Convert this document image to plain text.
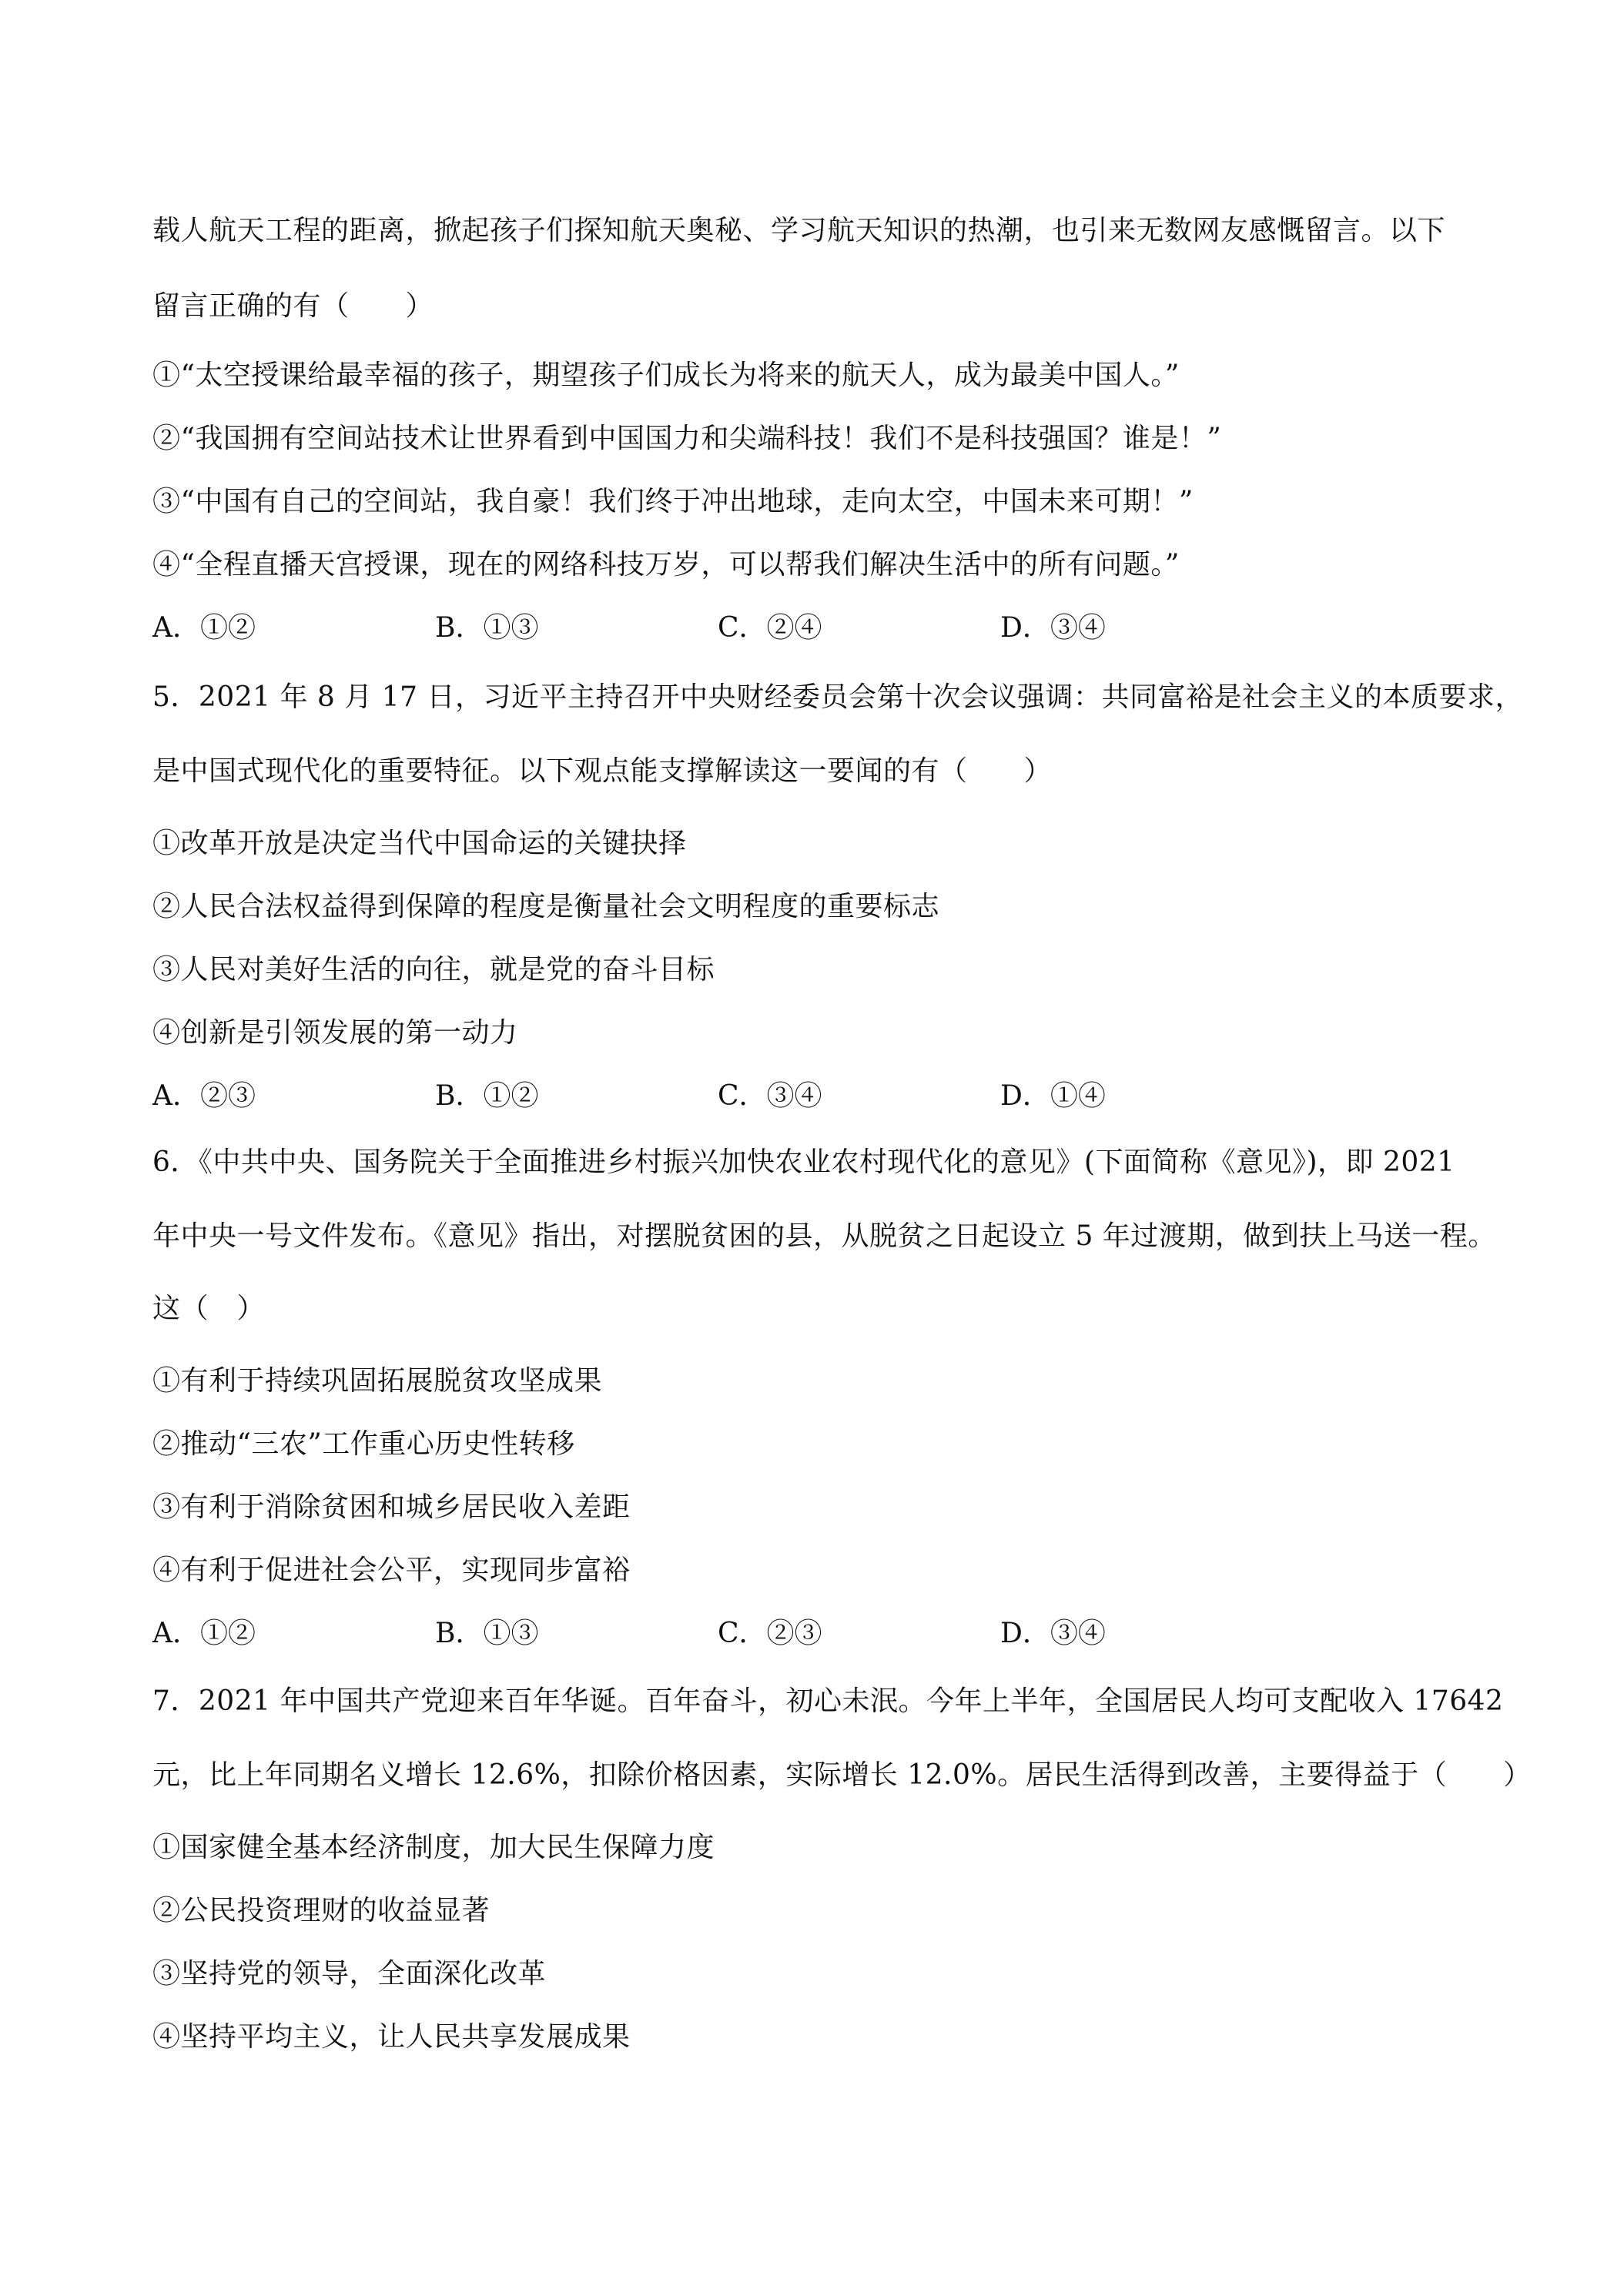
载人航天工程的距离，掀起孩子们探知航天奥秘、学习航天知识的热潮，也引来无数网友感慨留言。以下
留言正确的有（　　）
①“太空授课给最幸福的孩子，期望孩子们成长为将来的航天人，成为最美中国人。”
②“我国拥有空间站技术让世界看到中国国力和尖端科技！我们不是科技强国？谁是！”
③“中国有自己的空间站，我自豪！我们终于冲出地球，走向太空，中国未来可期！”
④“全程直播天宫授课，现在的网络科技万岁，可以帮我们解决生活中的所有问题。”
A．①②	B．①③	C．②④	D．③④
5．2021 年 8 月 17 日，习近平主持召开中央财经委员会第十次会议强调：共同富裕是社会主义的本质要求，
是中国式现代化的重要特征。以下观点能支撑解读这一要闻的有（　　）
①改革开放是决定当代中国命运的关键抉择
②人民合法权益得到保障的程度是衡量社会文明程度的重要标志
③人民对美好生活的向往，就是党的奋斗目标
④创新是引领发展的第一动力
A．②③	B．①②	C．③④	D．①④
6．《中共中央、国务院关于全面推进乡村振兴加快农业农村现代化的意见》(下面简称《意见》)，即 2021
年中央一号文件发布。《意见》指出，对摆脱贫困的县，从脱贫之日起设立 5 年过渡期，做到扶上马送一程。
这（　）
①有利于持续巩固拓展脱贫攻坚成果
②推动“三农”工作重心历史性转移
③有利于消除贫困和城乡居民收入差距
④有利于促进社会公平，实现同步富裕
A．①②	B．①③	C．②③	D．③④
7．2021 年中国共产党迎来百年华诞。百年奋斗，初心未泯。今年上半年，全国居民人均可支配收入 17642
元，比上年同期名义增长 12.6%，扣除价格因素，实际增长 12.0%。居民生活得到改善，主要得益于（　　）
①国家健全基本经济制度，加大民生保障力度
②公民投资理财的收益显著
③坚持党的领导，全面深化改革
④坚持平均主义，让人民共享发展成果
